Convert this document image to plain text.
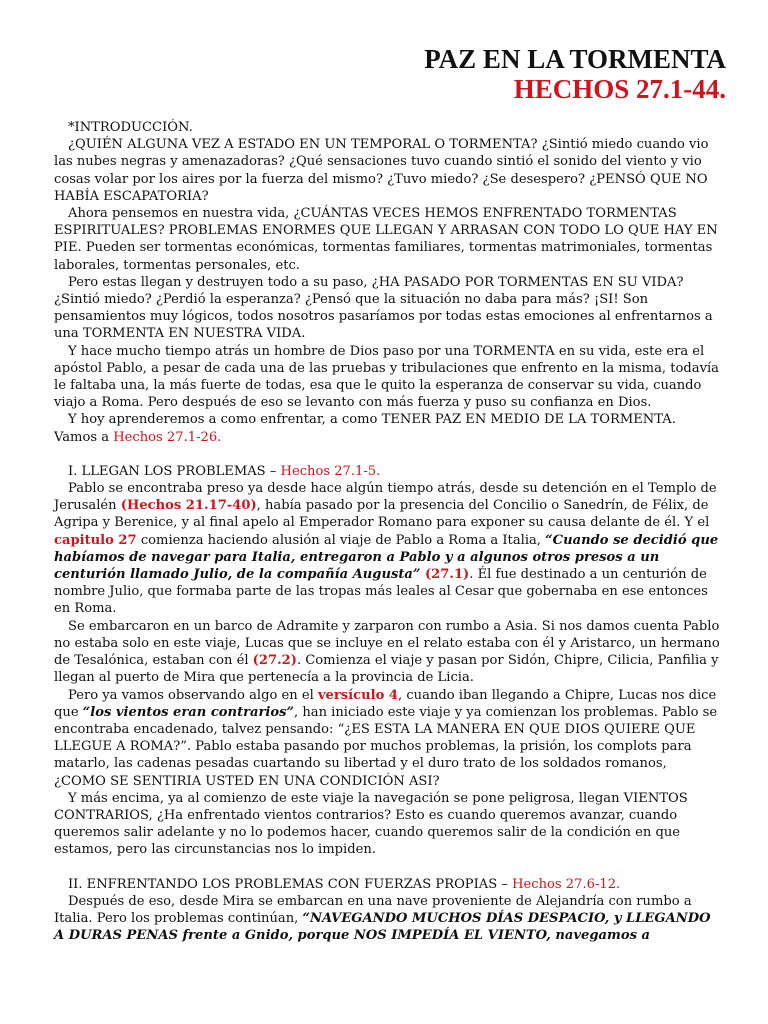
PAZ EN LA TORMENTA
HECHOS 27.1-44.

*INTRODUCCIÓN.

¿QUIÉN ALGUNA VEZ A ESTADO EN UN TEMPORAL O TORMENTA? ¿Sintió miedo cuando vio las nubes negras y amenazadoras? ¿Qué sensaciones tuvo cuando sintió el sonido del viento y vio cosas volar por los aires por la fuerza del mismo? ¿Tuvo miedo? ¿Se desespero? ¿PENSÓ QUE NO HABÍA ESCAPATORIA?

Ahora pensemos en nuestra vida, ¿CUÁNTAS VECES HEMOS ENFRENTADO TORMENTAS ESPIRITUALES? PROBLEMAS ENORMES QUE LLEGAN Y ARRASAN CON TODO LO QUE HAY EN PIE. Pueden ser tormentas económicas, tormentas familiares, tormentas matrimoniales, tormentas laborales, tormentas personales, etc.

Pero estas llegan y destruyen todo a su paso, ¿HA PASADO POR TORMENTAS EN SU VIDA? ¿Sintió miedo? ¿Perdió la esperanza? ¿Pensó que la situación no daba para más? ¡SI! Son pensamientos muy lógicos, todos nosotros pasaríamos por todas estas emociones al enfrentarnos a una TORMENTA EN NUESTRA VIDA.

Y hace mucho tiempo atrás un hombre de Dios paso por una TORMENTA en su vida, este era el apóstol Pablo, a pesar de cada una de las pruebas y tribulaciones que enfrento en la misma, todavía le faltaba una, la más fuerte de todas, esa que le quito la esperanza de conservar su vida, cuando viajo a Roma. Pero después de eso se levanto con más fuerza y puso su confianza en Dios.

Y hoy aprenderemos a como enfrentar, a como TENER PAZ EN MEDIO DE LA TORMENTA. Vamos a Hechos 27.1-26.

I. LLEGAN LOS PROBLEMAS – Hechos 27.1-5.

Pablo se encontraba preso ya desde hace algún tiempo atrás, desde su detención en el Templo de Jerusalén (Hechos 21.17-40), había pasado por la presencia del Concilio o Sanedrín, de Félix, de Agripa y Berenice, y al final apelo al Emperador Romano para exponer su causa delante de él. Y el capitulo 27 comienza haciendo alusión al viaje de Pablo a Roma a Italia, “Cuando se decidió que habíamos de navegar para Italia, entregaron a Pablo y a algunos otros presos a un centurión llamado Julio, de la compañía Augusta” (27.1). Él fue destinado a un centurión de nombre Julio, que formaba parte de las tropas más leales al Cesar que gobernaba en ese entonces en Roma.

Se embarcaron en un barco de Adramite y zarparon con rumbo a Asia. Si nos damos cuenta Pablo no estaba solo en este viaje, Lucas que se incluye en el relato estaba con él y Aristarco, un hermano de Tesalónica, estaban con él (27.2). Comienza el viaje y pasan por Sidón, Chipre, Cilicia, Panfilia y llegan al puerto de Mira que pertenecía a la provincia de Licia.

Pero ya vamos observando algo en el versículo 4, cuando iban llegando a Chipre, Lucas nos dice que “los vientos eran contrarios”, han iniciado este viaje y ya comienzan los problemas. Pablo se encontraba encadenado, talvez pensando: “¿ES ESTA LA MANERA EN QUE DIOS QUIERE QUE LLEGUE A ROMA?”. Pablo estaba pasando por muchos problemas, la prisión, los complots para matarlo, las cadenas pesadas cuartando su libertad y el duro trato de los soldados romanos, ¿COMO SE SENTIRIA USTED EN UNA CONDICIÓN ASI?

Y más encima, ya al comienzo de este viaje la navegación se pone peligrosa, llegan VIENTOS CONTRARIOS, ¿Ha enfrentado vientos contrarios? Esto es cuando queremos avanzar, cuando queremos salir adelante y no lo podemos hacer, cuando queremos salir de la condición en que estamos, pero las circunstancias nos lo impiden.

II. ENFRENTANDO LOS PROBLEMAS CON FUERZAS PROPIAS – Hechos 27.6-12.

Después de eso, desde Mira se embarcan en una nave proveniente de Alejandría con rumbo a Italia. Pero los problemas continúan, “NAVEGANDO MUCHOS DÍAS DESPACIO, y LLEGANDO A DURAS PENAS frente a Gnido, porque NOS IMPEDÍA EL VIENTO, navegamos a
